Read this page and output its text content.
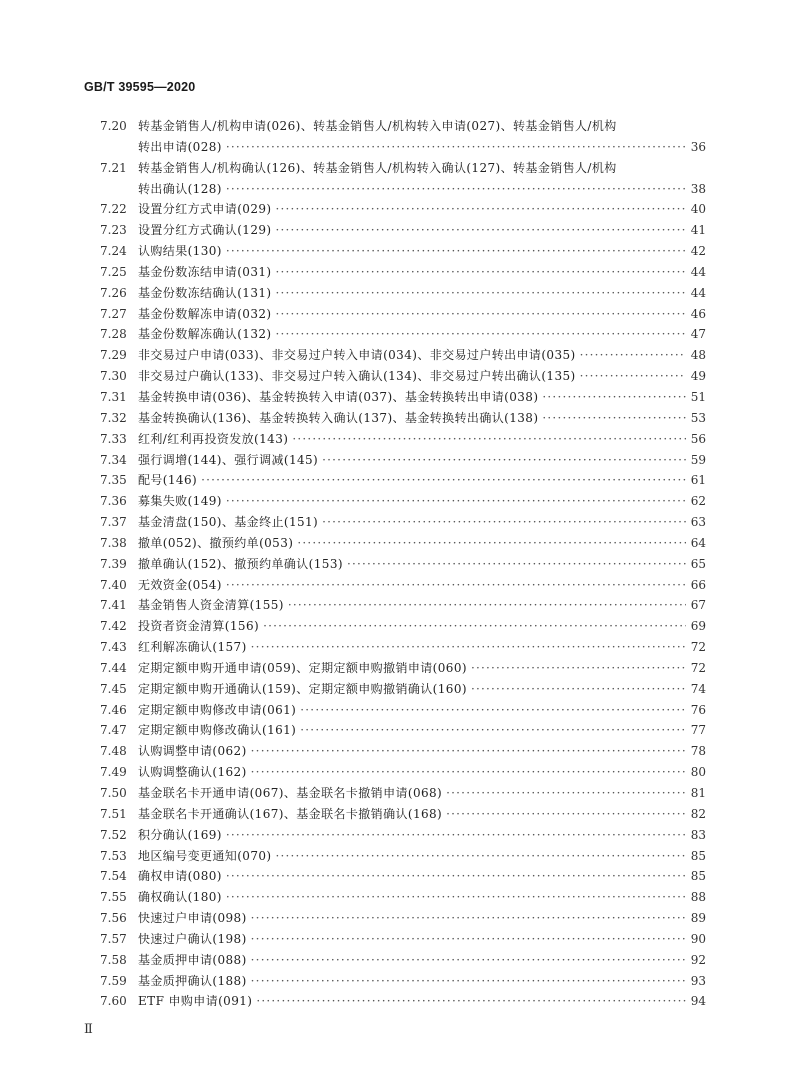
GB/T 39595—2020
7.20 转基金销售人/机构申请(026)、转基金销售人/机构转入申请(027)、转基金销售人/机构
转出申请(028) ·····	36
7.21 转基金销售人/机构确认(126)、转基金销售人/机构转入确认(127)、转基金销售人/机构
转出确认(128) ·····	38
7.22 设置分红方式申请(029) ·····	40
7.23 设置分红方式确认(129) ·····	41
7.24 认购结果(130) ·····	42
7.25 基金份数冻结申请(031) ·····	44
7.26 基金份数冻结确认(131) ·····	44
7.27 基金份数解冻申请(032) ·····	46
7.28 基金份数解冻确认(132) ·····	47
7.29 非交易过户申请(033)、非交易过户转入申请(034)、非交易过户转出申请(035) ·····	48
7.30 非交易过户确认(133)、非交易过户转入确认(134)、非交易过户转出确认(135) ·····	49
7.31 基金转换申请(036)、基金转换转入申请(037)、基金转换转出申请(038) ·····	51
7.32 基金转换确认(136)、基金转换转入确认(137)、基金转换转出确认(138) ·····	53
7.33 红利/红利再投资发放(143) ·····	56
7.34 强行调增(144)、强行调减(145) ·····	59
7.35 配号(146) ·····	61
7.36 募集失败(149) ·····	62
7.37 基金清盘(150)、基金终止(151) ·····	63
7.38 撤单(052)、撤预约单(053) ·····	64
7.39 撤单确认(152)、撤预约单确认(153) ·····	65
7.40 无效资金(054) ·····	66
7.41 基金销售人资金清算(155) ·····	67
7.42 投资者资金清算(156) ·····	69
7.43 红利解冻确认(157) ·····	72
7.44 定期定额申购开通申请(059)、定期定额申购撤销申请(060) ·····	72
7.45 定期定额申购开通确认(159)、定期定额申购撤销确认(160) ·····	74
7.46 定期定额申购修改申请(061) ·····	76
7.47 定期定额申购修改确认(161) ·····	77
7.48 认购调整申请(062) ·····	78
7.49 认购调整确认(162) ·····	80
7.50 基金联名卡开通申请(067)、基金联名卡撤销申请(068) ·····	81
7.51 基金联名卡开通确认(167)、基金联名卡撤销确认(168) ·····	82
7.52 积分确认(169) ·····	83
7.53 地区编号变更通知(070) ·····	85
7.54 确权申请(080) ·····	85
7.55 确权确认(180) ·····	88
7.56 快速过户申请(098) ·····	89
7.57 快速过户确认(198) ·····	90
7.58 基金质押申请(088) ·····	92
7.59 基金质押确认(188) ·····	93
7.60 ETF 申购申请(091) ·····	94
Ⅱ
